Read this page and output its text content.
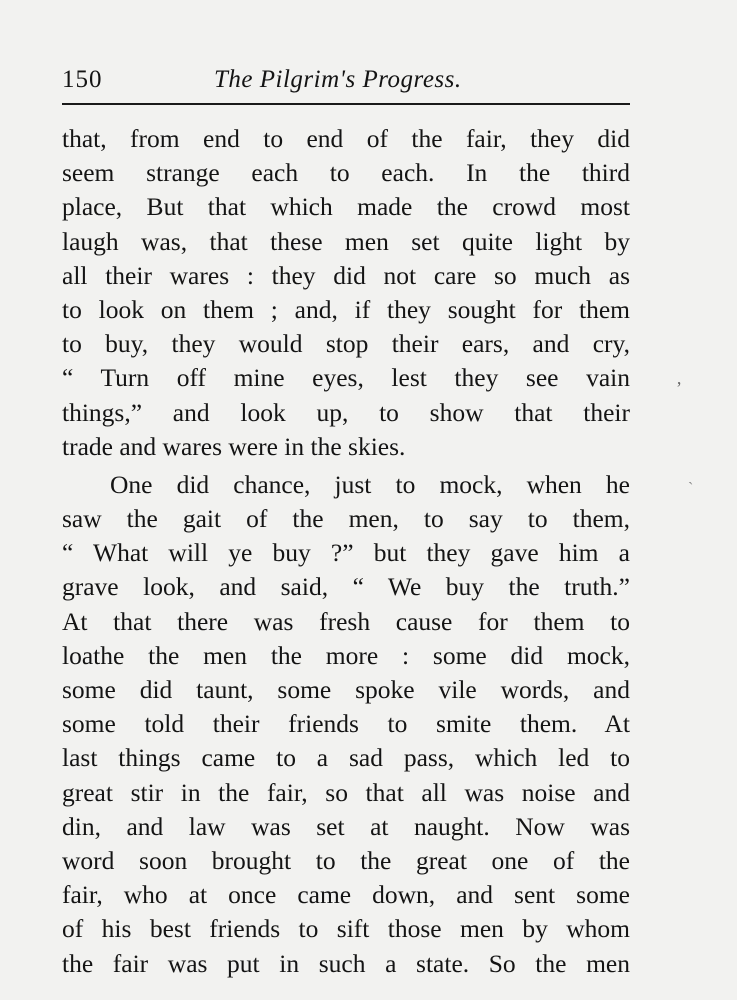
150	The Pilgrim's Progress.
that, from end to end of the fair, they did
seem strange each to each. In the third
place, But that which made the crowd most
laugh was, that these men set quite light by
all their wares : they did not care so much as
to look on them ; and, if they sought for them
to buy, they would stop their ears, and cry,
“ Turn off mine eyes, lest they see vain
things,” and look up, to show that their
trade and wares were in the skies.
One did chance, just to mock, when he
saw the gait of the men, to say to them,
“ What will ye buy ?” but they gave him a
grave look, and said, “ We buy the truth.”
At that there was fresh cause for them to
loathe the men the more : some did mock,
some did taunt, some spoke vile words, and
some told their friends to smite them. At
last things came to a sad pass, which led to
great stir in the fair, so that all was noise and
din, and law was set at naught. Now was
word soon brought to the great one of the
fair, who at once came down, and sent some
of his best friends to sift those men by whom
the fair was put in such a state. So the men
ʼ
ˋ
